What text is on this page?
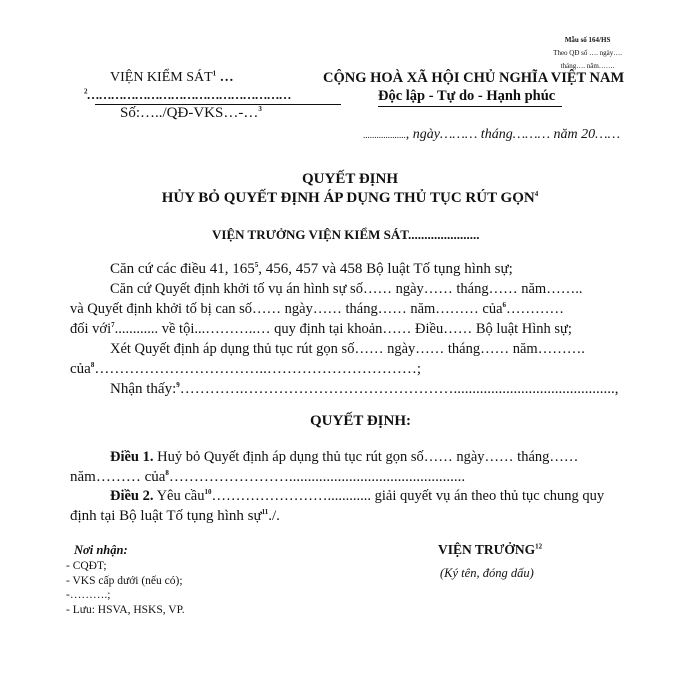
Mẫu số 164/HS
Theo QĐ số …. ngày….
tháng…. năm…….
VIỆN KIỂM SÁT$^1$ …
$^2$……………………………………………
Số:…../QĐ-VKS…-…$^3$
CỘNG HOÀ XÃ HỘI CHỦ NGHĨA VIỆT NAM
Độc lập - Tự do - Hạnh phúc
..................., ngày……… tháng……… năm 20……
QUYẾT ĐỊNH
HỦY BỎ QUYẾT ĐỊNH ÁP DỤNG THỦ TỤC RÚT GỌN$^4$
VIỆN TRƯỞNG VIỆN KIỂM SÁT......................
Căn cứ các điều 41, $165^5$, 456, 457 và 458 Bộ luật Tố tụng hình sự;
Căn cứ Quyết định khởi tố vụ án hình sự số…… ngày…… tháng…… năm……..
và Quyết định khởi tố bị can số…… ngày…… tháng…… năm……… của$^6$…………
đối với$^7$............ về tội...………..… quy định tại khoản…… Điều…… Bộ luật Hình sự;
Xét Quyết định áp dụng thủ tục rút gọn số…… ngày…… tháng…… năm……….
của$^8$……………………………..…………………………;
Nhận thấy:$^9$………….……………………………………...........................................,
QUYẾT ĐỊNH:
Điều 1. Huỷ bỏ Quyết định áp dụng thủ tục rút gọn số…… ngày…… tháng……
năm……… của$^8$……………………...............................................
Điều 2. Yêu cầu$^{10}$……………………............ giải quyết vụ án theo thủ tục chung quy
định tại Bộ luật Tố tụng hình sự$^{11}$./.
Nơi nhận:
- CQĐT;
- VKS cấp dưới (nếu có);
-……….;
- Lưu: HSVA, HSKS, VP.
VIỆN TRƯỞNG$^{12}$
(Ký tên, đóng dấu)
